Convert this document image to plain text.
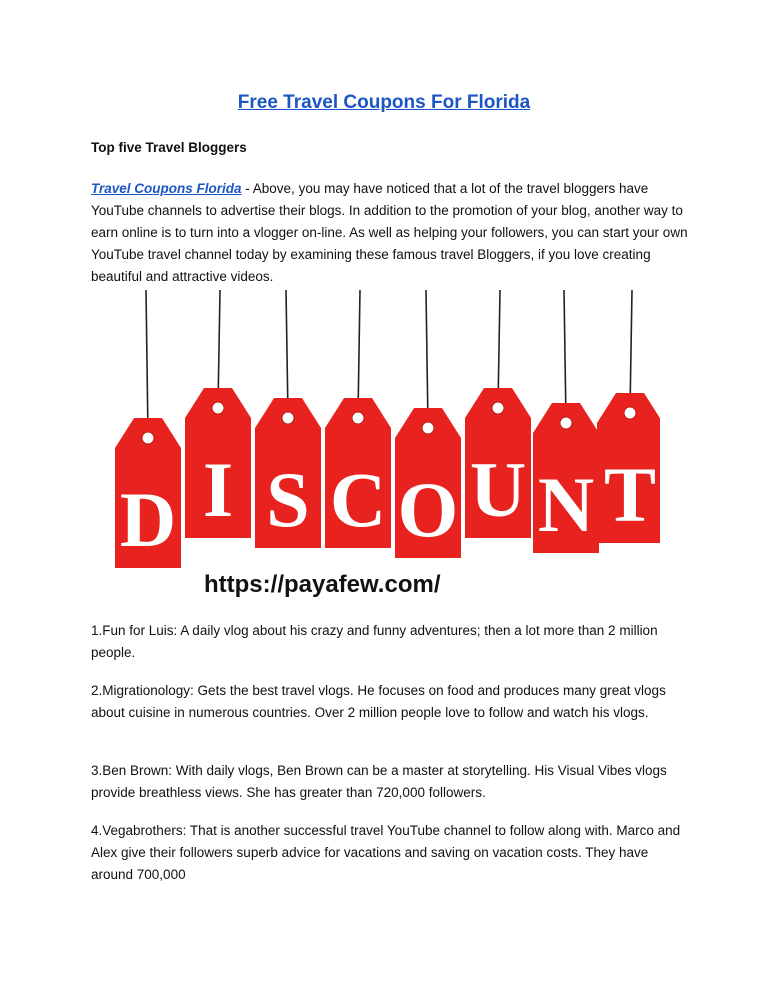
Free Travel Coupons For Florida

Top five Travel Bloggers

Travel Coupons Florida - Above, you may have noticed that a lot of the travel bloggers have YouTube channels to advertise their blogs. In addition to the promotion of your blog, another way to earn online is to turn into a vlogger on-line. As well as helping your followers, you can start your own YouTube travel channel today by examining these famous travel Bloggers, if you love creating beautiful and attractive videos.

D I S C O U N T
https://payafew.com/

1.Fun for Luis: A daily vlog about his crazy and funny adventures; then a lot more than 2 million people.

2.Migrationology: Gets the best travel vlogs. He focuses on food and produces many great vlogs about cuisine in numerous countries. Over 2 million people love to follow and watch his vlogs.

3.Ben Brown: With daily vlogs, Ben Brown can be a master at storytelling. His Visual Vibes vlogs provide breathless views. She has greater than 720,000 followers.

4.Vegabrothers: That is another successful travel YouTube channel to follow along with. Marco and Alex give their followers superb advice for vacations and saving on vacation costs. They have around 700,000
